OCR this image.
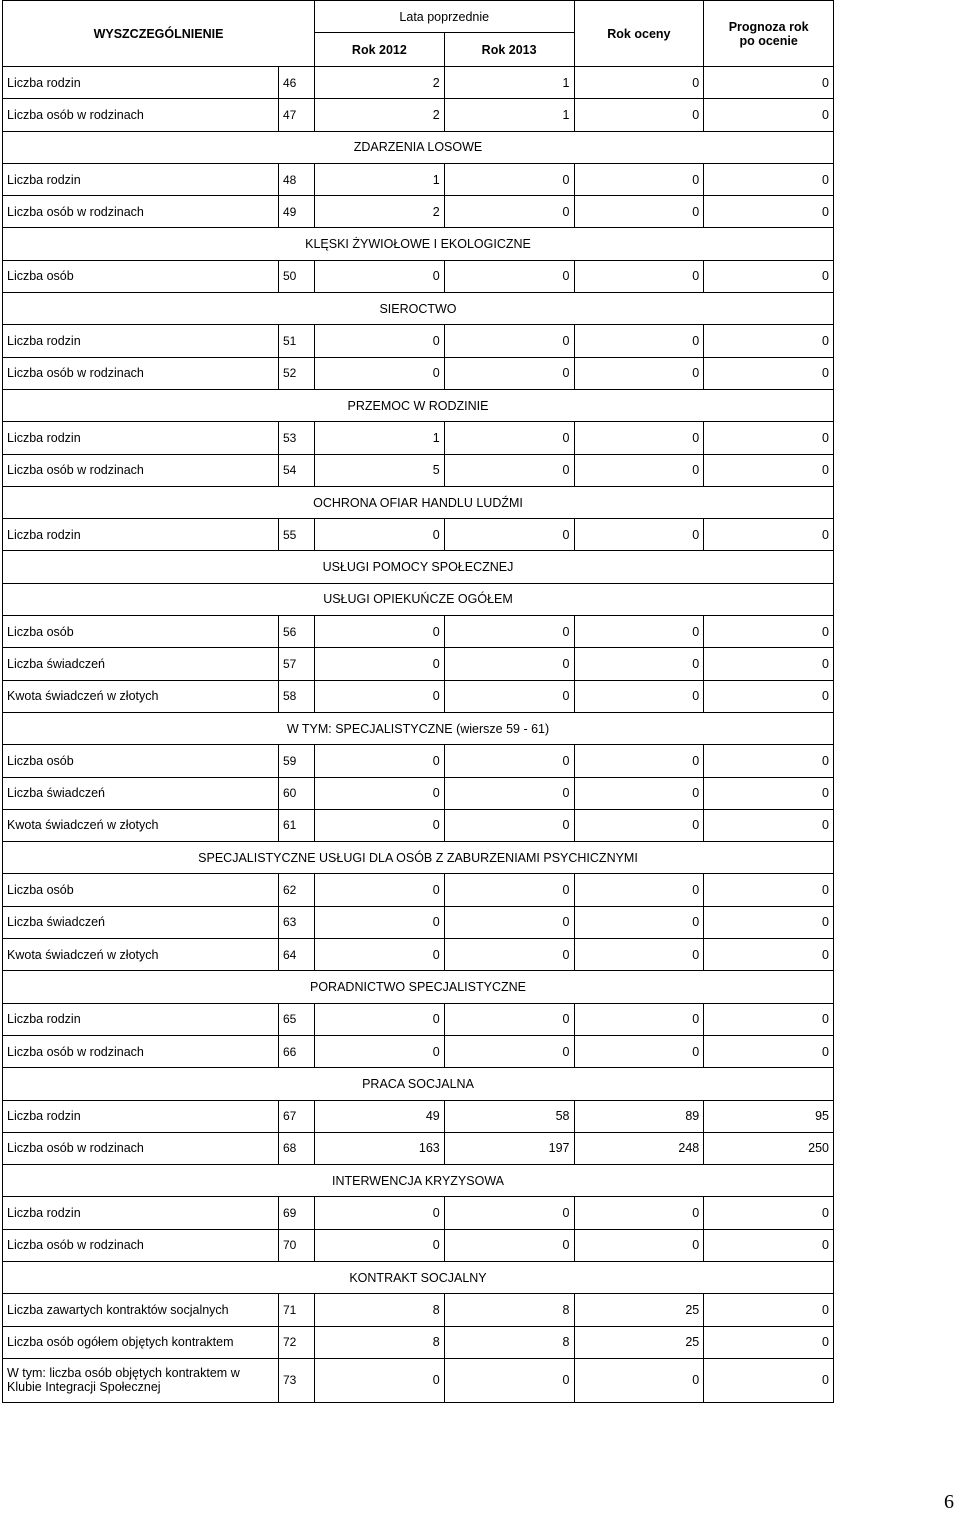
WYSZCZEGÓLNIENIE		Lata poprzednie		Rok oceny	Prognoza rok
po ocenie
		Rok 2012	Rok 2013		
Liczba rodzin	46	2	1	0	0
Liczba osób w rodzinach	47	2	1	0	0
ZDARZENIA LOSOWE					
Liczba rodzin	48	1	0	0	0
Liczba osób w rodzinach	49	2	0	0	0
KLĘSKI ŻYWIOŁOWE I EKOLOGICZNE					
Liczba osób	50	0	0	0	0
SIEROCTWO					
Liczba rodzin	51	0	0	0	0
Liczba osób w rodzinach	52	0	0	0	0
PRZEMOC W RODZINIE					
Liczba rodzin	53	1	0	0	0
Liczba osób w rodzinach	54	5	0	0	0
OCHRONA OFIAR HANDLU LUDŹMI					
Liczba rodzin	55	0	0	0	0
USŁUGI POMOCY SPOŁECZNEJ					
USŁUGI OPIEKUŃCZE OGÓŁEM					
Liczba osób	56	0	0	0	0
Liczba świadczeń	57	0	0	0	0
Kwota świadczeń w złotych	58	0	0	0	0
W TYM: SPECJALISTYCZNE (wiersze 59 - 61)					
Liczba osób	59	0	0	0	0
Liczba świadczeń	60	0	0	0	0
Kwota świadczeń w złotych	61	0	0	0	0
SPECJALISTYCZNE USŁUGI DLA OSÓB Z ZABURZENIAMI PSYCHICZNYMI					
Liczba osób	62	0	0	0	0
Liczba świadczeń	63	0	0	0	0
Kwota świadczeń w złotych	64	0	0	0	0
PORADNICTWO SPECJALISTYCZNE					
Liczba rodzin	65	0	0	0	0
Liczba osób w rodzinach	66	0	0	0	0
PRACA SOCJALNA					
Liczba rodzin	67	49	58	89	95
Liczba osób w rodzinach	68	163	197	248	250
INTERWENCJA KRYZYSOWA					
Liczba rodzin	69	0	0	0	0
Liczba osób w rodzinach	70	0	0	0	0
KONTRAKT SOCJALNY					
Liczba zawartych kontraktów socjalnych	71	8	8	25	0
Liczba osób ogółem objętych kontraktem	72	8	8	25	0
W tym: liczba osób objętych kontraktem w Klubie Integracji Społecznej	73	0	0	0	0
6
